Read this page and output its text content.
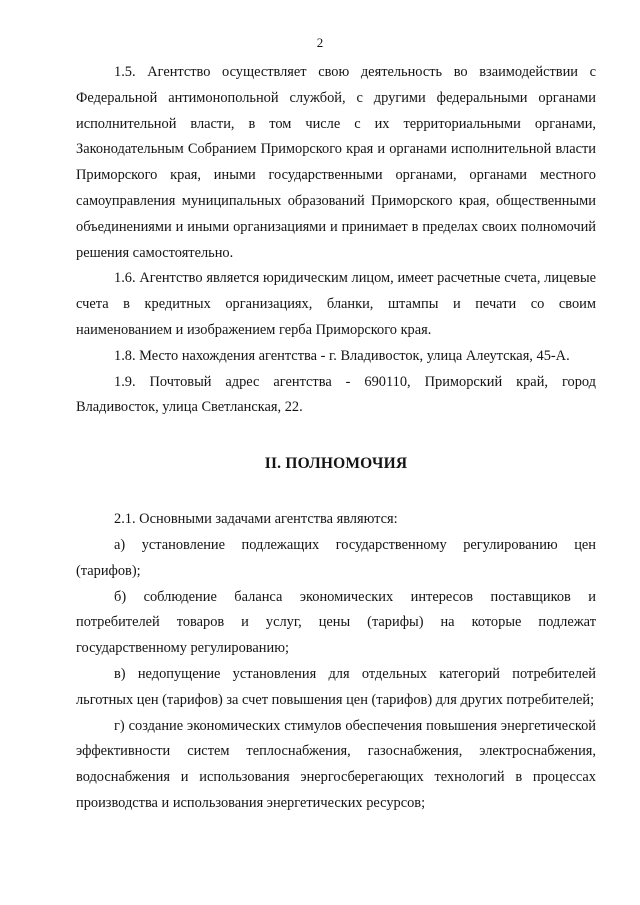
2

1.5. Агентство осуществляет свою деятельность во взаимодействии с Федеральной антимонопольной службой, с другими федеральными органами исполнительной власти, в том числе с их территориальными органами, Законодательным Собранием Приморского края и органами исполнительной власти Приморского края, иными государственными органами, органами местного самоуправления муниципальных образований Приморского края, общественными объединениями и иными организациями и принимает в пределах своих полномочий решения самостоятельно.

1.6. Агентство является юридическим лицом, имеет расчетные счета, лицевые счета в кредитных организациях, бланки, штампы и печати со своим наименованием и изображением герба Приморского края.

1.8. Место нахождения агентства - г. Владивосток, улица Алеутская, 45-А.

1.9. Почтовый адрес агентства - 690110, Приморский край, город Владивосток, улица Светланская, 22.

II. ПОЛНОМОЧИЯ

2.1. Основными задачами агентства являются:

а) установление подлежащих государственному регулированию цен (тарифов);

б) соблюдение баланса экономических интересов поставщиков и потребителей товаров и услуг, цены (тарифы) на которые подлежат государственному регулированию;

в) недопущение установления для отдельных категорий потребителей льготных цен (тарифов) за счет повышения цен (тарифов) для других потребителей;

г) создание экономических стимулов обеспечения повышения энергетической эффективности систем теплоснабжения, газоснабжения, электроснабжения, водоснабжения и использования энергосберегающих технологий в процессах производства и использования энергетических ресурсов;
